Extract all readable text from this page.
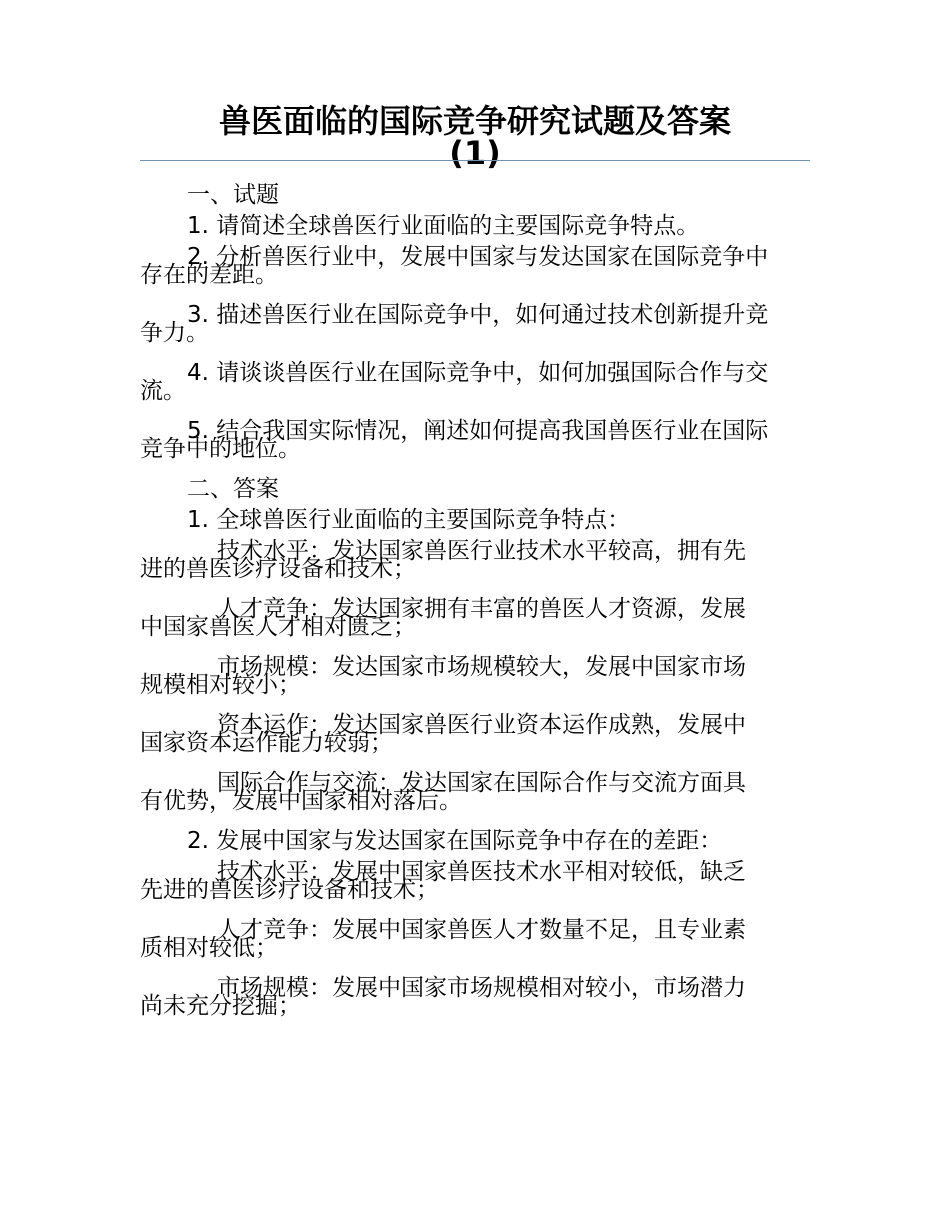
兽医面临的国际竞争研究试题及答案
(1)

一、试题

1. 请简述全球兽医行业面临的主要国际竞争特点。

2. 分析兽医行业中，发展中国家与发达国家在国际竞争中
存在的差距。

3. 描述兽医行业在国际竞争中，如何通过技术创新提升竞
争力。

4. 请谈谈兽医行业在国际竞争中，如何加强国际合作与交
流。

5. 结合我国实际情况，阐述如何提高我国兽医行业在国际
竞争中的地位。

二、答案

1. 全球兽医行业面临的主要国际竞争特点：

技术水平：发达国家兽医行业技术水平较高，拥有先
进的兽医诊疗设备和技术；

人才竞争：发达国家拥有丰富的兽医人才资源，发展
中国家兽医人才相对匮乏；

市场规模：发达国家市场规模较大，发展中国家市场
规模相对较小；

资本运作：发达国家兽医行业资本运作成熟，发展中
国家资本运作能力较弱；

国际合作与交流：发达国家在国际合作与交流方面具
有优势，发展中国家相对落后。

2. 发展中国家与发达国家在国际竞争中存在的差距：

技术水平：发展中国家兽医技术水平相对较低，缺乏
先进的兽医诊疗设备和技术；

人才竞争：发展中国家兽医人才数量不足，且专业素
质相对较低；

市场规模：发展中国家市场规模相对较小，市场潜力
尚未充分挖掘；
